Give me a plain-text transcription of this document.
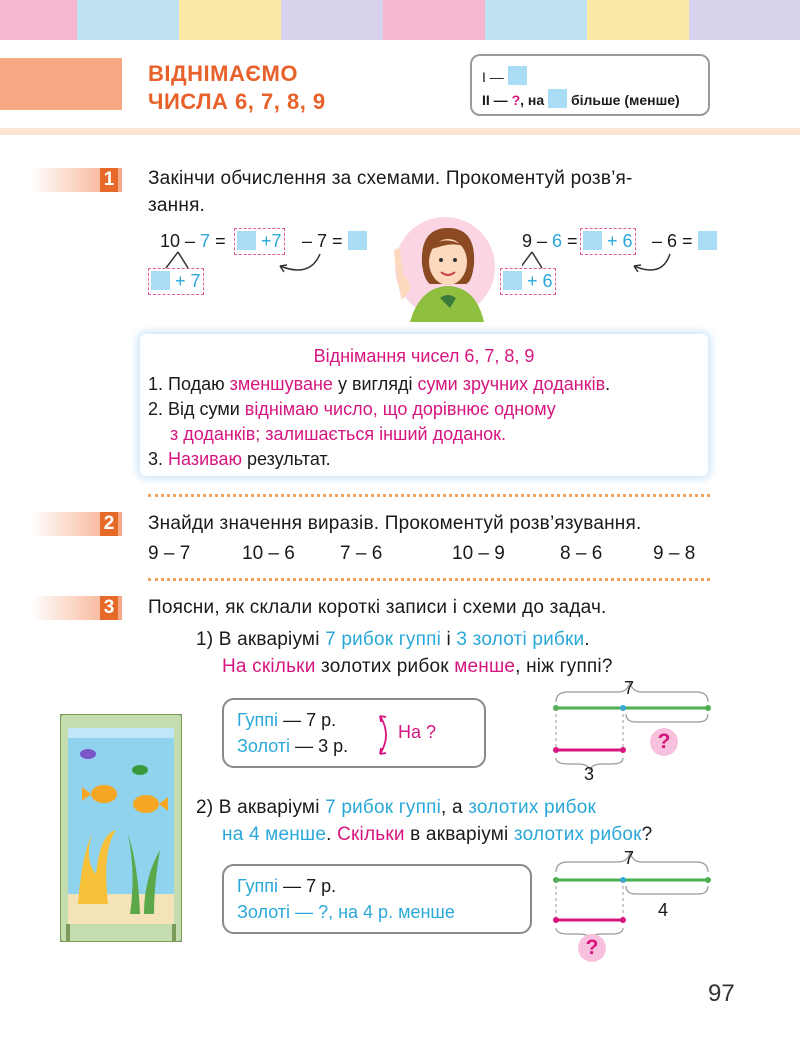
ВІДНІМАЄМО
ЧИСЛА 6, 7, 8, 9
I —
II — ?, на більше (менше)
1 Закінчи обчислення за схемами. Прокоментуй розв’я-
зання.
10 – 7 =	+7 – 7 =
+ 7
9 – 6 =	+ 6 – 6 =
+ 6
Віднімання чисел 6, 7, 8, 9
1. Подаю зменшуване у вигляді суми зручних доданків.
2. Від суми віднімаю число, що дорівнює одному
з доданків; залишається інший доданок.
3. Називаю результат.
2 Знайди значення виразів. Прокоментуй розв’язування.
9 – 7	10 – 6 7 – 6	10 – 9	8 – 6	9 – 8
3 Поясни, як склали короткі записи і схеми до задач.
1) В акваріумі 7 рибок гуппі і 3 золоті рибки.
На скільки золотих рибок менше, ніж гуппі?
Гуппі — 7 р.
Золоті — 3 р.
На ?
7
3
?
2) В акваріумі 7 рибок гуппі, а золотих рибок
на 4 менше. Скільки в акваріумі золотих рибок?
Гуппі — 7 р.
Золоті — ?, на 4 р. менше
7
4
?
97
